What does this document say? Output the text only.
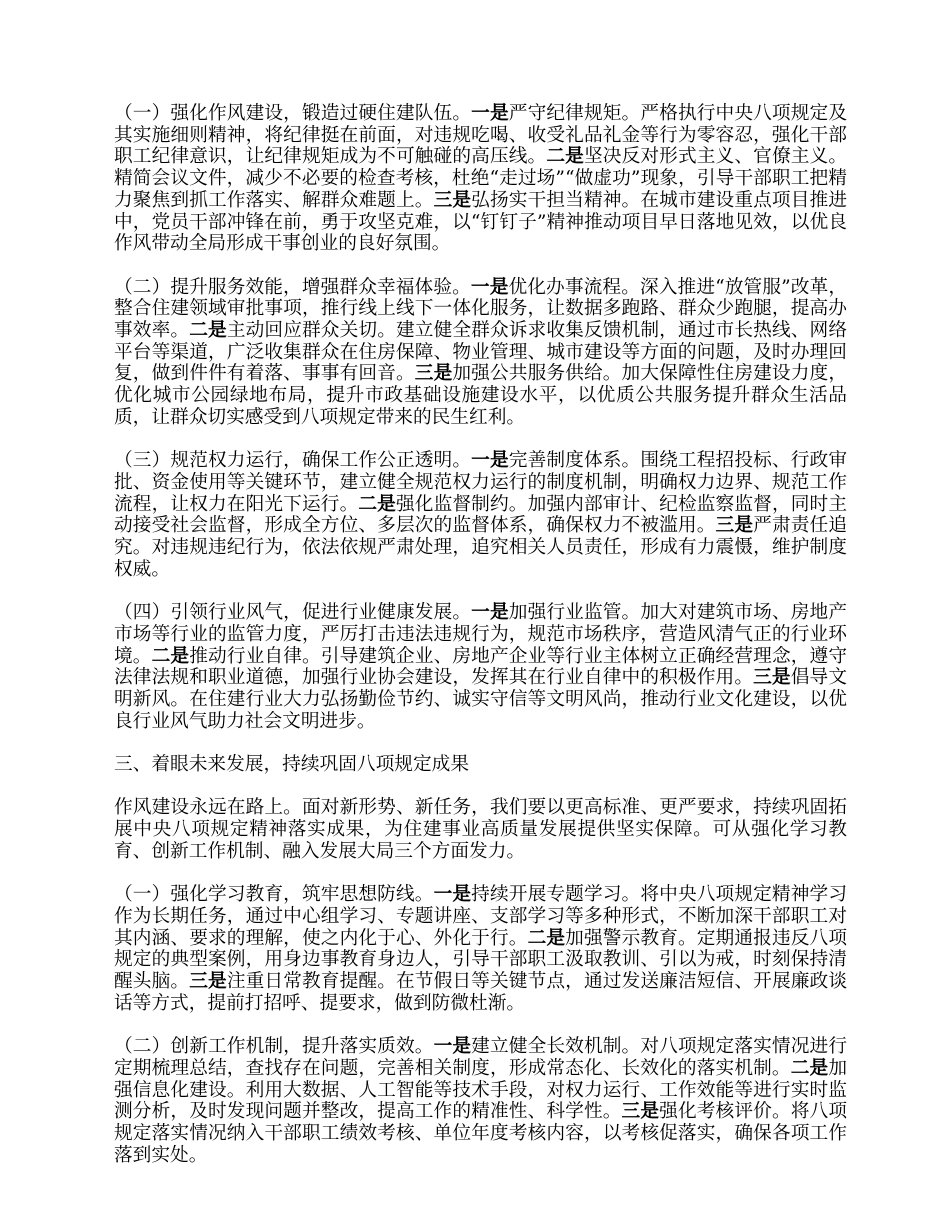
（一）强化作风建设，锻造过硬住建队伍。一是严守纪律规矩。严格执行中央八项规定及其实施细则精神，将纪律挺在前面，对违规吃喝、收受礼品礼金等行为零容忍，强化干部职工纪律意识，让纪律规矩成为不可触碰的高压线。二是坚决反对形式主义、官僚主义。精简会议文件，减少不必要的检查考核，杜绝“走过场”“做虚功”现象，引导干部职工把精力聚焦到抓工作落实、解群众难题上。三是弘扬实干担当精神。在城市建设重点项目推进中，党员干部冲锋在前，勇于攻坚克难，以“钉钉子”精神推动项目早日落地见效，以优良作风带动全局形成干事创业的良好氛围。

（二）提升服务效能，增强群众幸福体验。一是优化办事流程。深入推进“放管服”改革，整合住建领域审批事项，推行线上线下一体化服务，让数据多跑路、群众少跑腿，提高办事效率。二是主动回应群众关切。建立健全群众诉求收集反馈机制，通过市长热线、网络平台等渠道，广泛收集群众在住房保障、物业管理、城市建设等方面的问题，及时办理回复，做到件件有着落、事事有回音。三是加强公共服务供给。加大保障性住房建设力度，优化城市公园绿地布局，提升市政基础设施建设水平，以优质公共服务提升群众生活品质，让群众切实感受到八项规定带来的民生红利。

（三）规范权力运行，确保工作公正透明。一是完善制度体系。围绕工程招投标、行政审批、资金使用等关键环节，建立健全规范权力运行的制度机制，明确权力边界、规范工作流程，让权力在阳光下运行。二是强化监督制约。加强内部审计、纪检监察监督，同时主动接受社会监督，形成全方位、多层次的监督体系，确保权力不被滥用。三是严肃责任追究。对违规违纪行为，依法依规严肃处理，追究相关人员责任，形成有力震慑，维护制度权威。

（四）引领行业风气，促进行业健康发展。一是加强行业监管。加大对建筑市场、房地产市场等行业的监管力度，严厉打击违法违规行为，规范市场秩序，营造风清气正的行业环境。二是推动行业自律。引导建筑企业、房地产企业等行业主体树立正确经营理念，遵守法律法规和职业道德，加强行业协会建设，发挥其在行业自律中的积极作用。三是倡导文明新风。在住建行业大力弘扬勤俭节约、诚实守信等文明风尚，推动行业文化建设，以优良行业风气助力社会文明进步。

三、着眼未来发展，持续巩固八项规定成果

作风建设永远在路上。面对新形势、新任务，我们要以更高标准、更严要求，持续巩固拓展中央八项规定精神落实成果，为住建事业高质量发展提供坚实保障。可从强化学习教育、创新工作机制、融入发展大局三个方面发力。

（一）强化学习教育，筑牢思想防线。一是持续开展专题学习。将中央八项规定精神学习作为长期任务，通过中心组学习、专题讲座、支部学习等多种形式，不断加深干部职工对其内涵、要求的理解，使之内化于心、外化于行。二是加强警示教育。定期通报违反八项规定的典型案例，用身边事教育身边人，引导干部职工汲取教训、引以为戒，时刻保持清醒头脑。三是注重日常教育提醒。在节假日等关键节点，通过发送廉洁短信、开展廉政谈话等方式，提前打招呼、提要求，做到防微杜渐。

（二）创新工作机制，提升落实质效。一是建立健全长效机制。对八项规定落实情况进行定期梳理总结，查找存在问题，完善相关制度，形成常态化、长效化的落实机制。二是加强信息化建设。利用大数据、人工智能等技术手段，对权力运行、工作效能等进行实时监测分析，及时发现问题并整改，提高工作的精准性、科学性。三是强化考核评价。将八项规定落实情况纳入干部职工绩效考核、单位年度考核内容，以考核促落实，确保各项工作落到实处。
